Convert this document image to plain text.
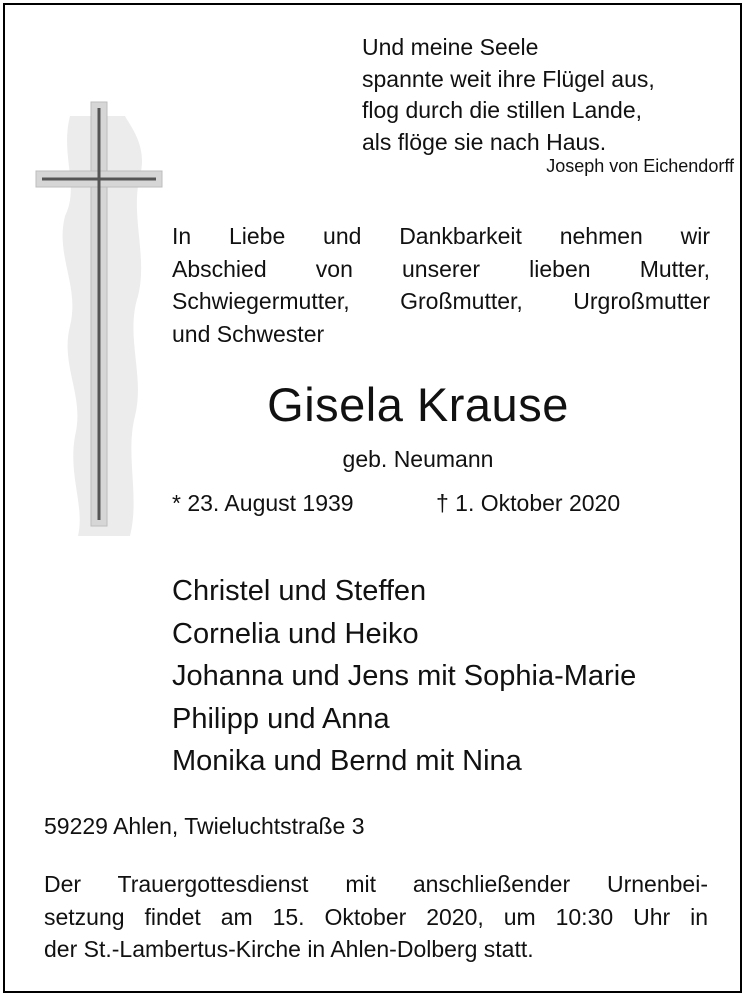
Und meine Seele
spannte weit ihre Flügel aus,
flog durch die stillen Lande,
als flöge sie nach Haus.
Joseph von Eichendorff
In Liebe und Dankbarkeit nehmen wir
Abschied von unserer lieben Mutter,
Schwiegermutter, Großmutter, Urgroßmutter
und Schwester
Gisela Krause
geb. Neumann
* 23. August 1939	† 1. Oktober 2020
Christel und Steffen
Cornelia und Heiko
Johanna und Jens mit Sophia-Marie
Philipp und Anna
Monika und Bernd mit Nina
59229 Ahlen, Twieluchtstraße 3
Der Trauergottesdienst mit anschließender Urnenbei-
setzung findet am 15. Oktober 2020, um 10:30 Uhr in
der St.-Lambertus-Kirche in Ahlen-Dolberg statt.
